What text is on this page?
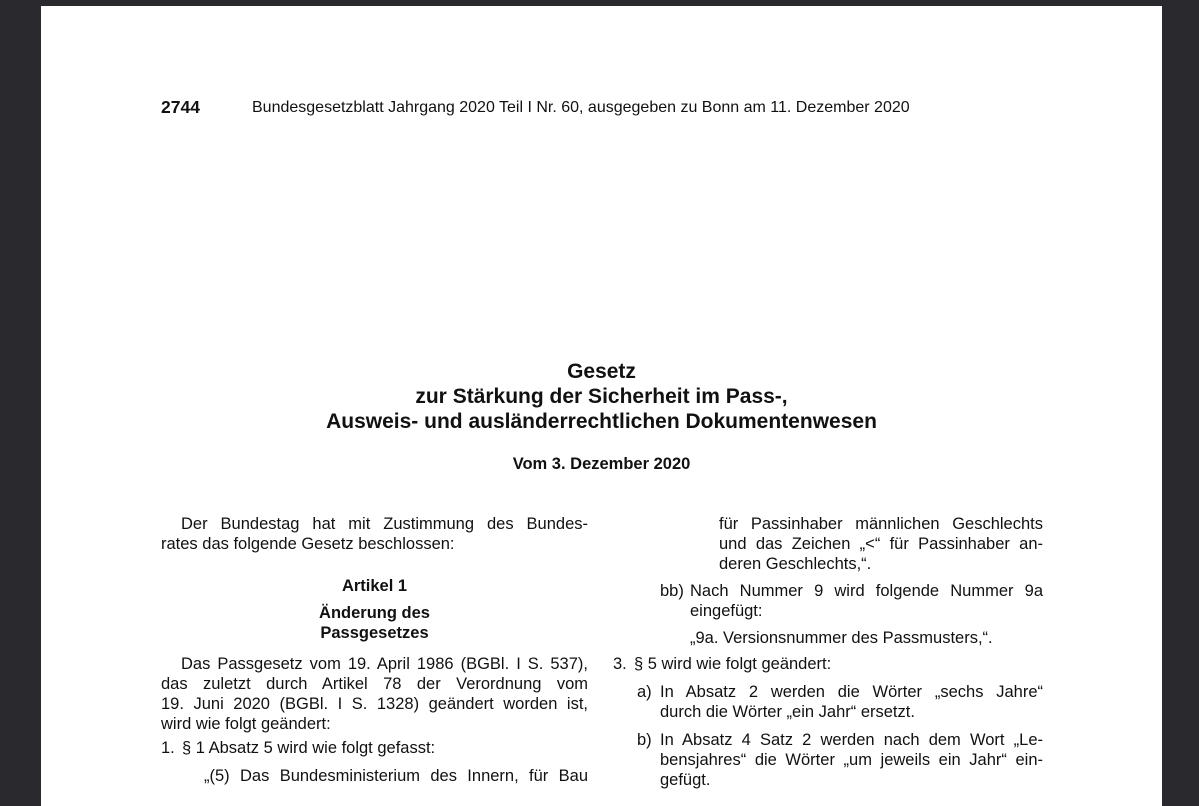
2744	Bundesgesetzblatt Jahrgang 2020 Teil I Nr. 60, ausgegeben zu Bonn am 11. Dezember 2020
Gesetz
zur Stärkung der Sicherheit im Pass-,
Ausweis- und ausländerrechtlichen Dokumentenwesen
Vom 3. Dezember 2020
Der Bundestag hat mit Zustimmung des Bundes-
rates das folgende Gesetz beschlossen:
Artikel 1
Änderung des
Passgesetzes
Das Passgesetz vom 19. April 1986 (BGBl. I S. 537),
das zuletzt durch Artikel 78 der Verordnung vom
19. Juni 2020 (BGBl. I S. 1328) geändert worden ist,
wird wie folgt geändert:
1. § 1 Absatz 5 wird wie folgt gefasst:
„(5) Das Bundesministerium des Innern, für Bau
für Passinhaber männlichen Geschlechts
und das Zeichen „<“ für Passinhaber an-
deren Geschlechts,“.
bb) Nach Nummer 9 wird folgende Nummer 9a
eingefügt:
„9a. Versionsnummer des Passmusters,“.
3. § 5 wird wie folgt geändert:
a) In Absatz 2 werden die Wörter „sechs Jahre“
durch die Wörter „ein Jahr“ ersetzt.
b) In Absatz 4 Satz 2 werden nach dem Wort „Le-
bensjahres“ die Wörter „um jeweils ein Jahr“ ein-
gefügt.
